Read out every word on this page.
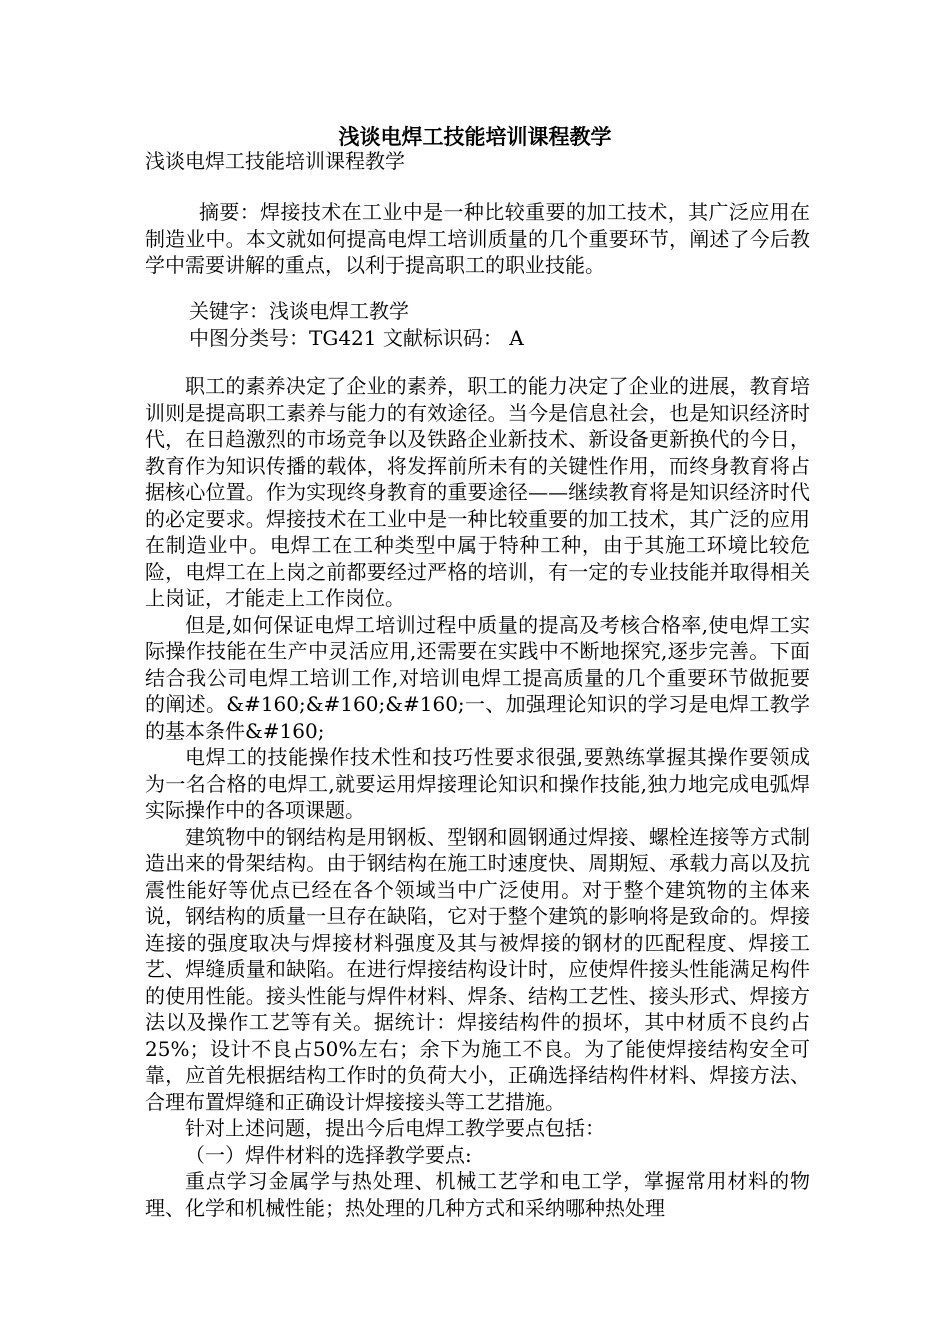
浅谈电焊工技能培训课程教学
浅谈电焊工技能培训课程教学

摘要：焊接技术在工业中是一种比较重要的加工技术，其广泛应用在制造业中。本文就如何提高电焊工培训质量的几个重要环节，阐述了今后教学中需要讲解的重点，以利于提高职工的职业技能。

关键字：浅谈电焊工教学
中图分类号：TG421 文献标识码： A

职工的素养决定了企业的素养，职工的能力决定了企业的进展，教育培训则是提高职工素养与能力的有效途径。当今是信息社会，也是知识经济时代，在日趋激烈的市场竞争以及铁路企业新技术、新设备更新换代的今日，教育作为知识传播的载体，将发挥前所未有的关键性作用，而终身教育将占据核心位置。作为实现终身教育的重要途径——继续教育将是知识经济时代的必定要求。焊接技术在工业中是一种比较重要的加工技术，其广泛的应用在制造业中。电焊工在工种类型中属于特种工种，由于其施工环境比较危险，电焊工在上岗之前都要经过严格的培训，有一定的专业技能并取得相关上岗证，才能走上工作岗位。

但是,如何保证电焊工培训过程中质量的提高及考核合格率,使电焊工实际操作技能在生产中灵活应用,还需要在实践中不断地探究,逐步完善。下面结合我公司电焊工培训工作,对培训电焊工提高质量的几个重要环节做扼要的阐述。&#160;&#160;&#160;一、加强理论知识的学习是电焊工教学的基本条件&#160;

电焊工的技能操作技术性和技巧性要求很强,要熟练掌握其操作要领成为一名合格的电焊工,就要运用焊接理论知识和操作技能,独力地完成电弧焊实际操作中的各项课题。

建筑物中的钢结构是用钢板、型钢和圆钢通过焊接、螺栓连接等方式制造出来的骨架结构。由于钢结构在施工时速度快、周期短、承载力高以及抗震性能好等优点已经在各个领域当中广泛使用。对于整个建筑物的主体来说，钢结构的质量一旦存在缺陷，它对于整个建筑的影响将是致命的。焊接连接的强度取决与焊接材料强度及其与被焊接的钢材的匹配程度、焊接工艺、焊缝质量和缺陷。在进行焊接结构设计时，应使焊件接头性能满足构件的使用性能。接头性能与焊件材料、焊条、结构工艺性、接头形式、焊接方法以及操作工艺等有关。据统计：焊接结构件的损坏，其中材质不良约占25%；设计不良占50%左右；余下为施工不良。为了能使焊接结构安全可靠，应首先根据结构工作时的负荷大小，正确选择结构件材料、焊接方法、合理布置焊缝和正确设计焊接接头等工艺措施。

针对上述问题，提出今后电焊工教学要点包括：

（一）焊件材料的选择教学要点:

重点学习金属学与热处理、机械工艺学和电工学，掌握常用材料的物理、化学和机械性能；热处理的几种方式和采纳哪种热处理
